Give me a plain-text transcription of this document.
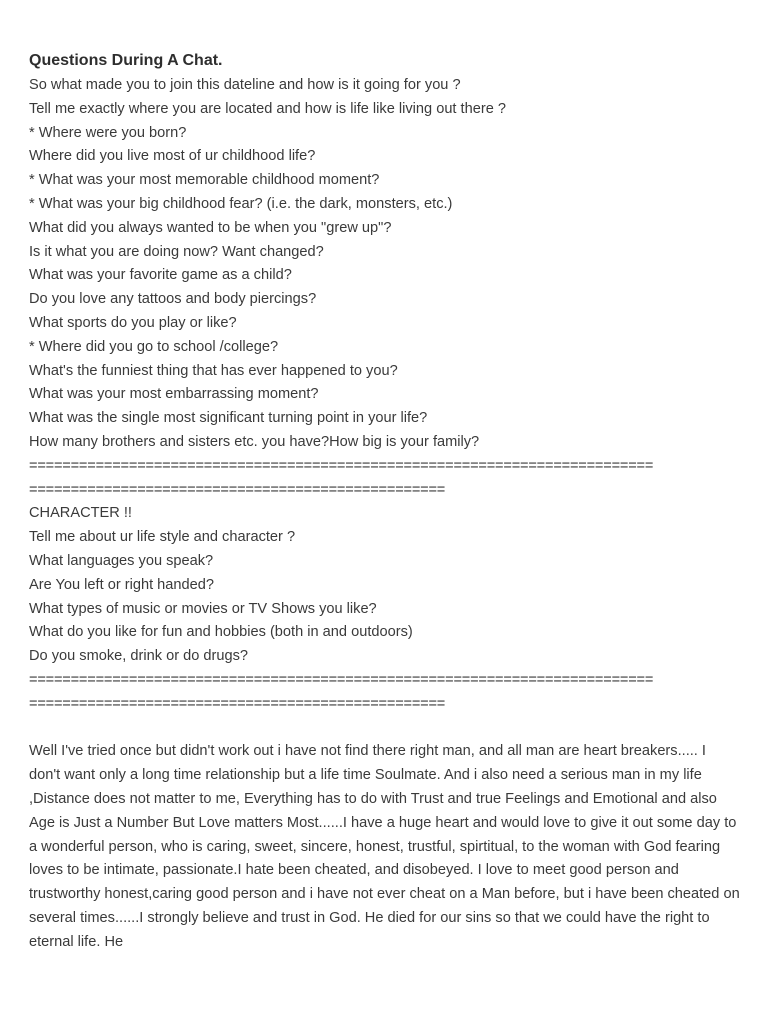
Questions During A Chat.
So what made you to join this dateline and how is it going for you ?
Tell me exactly where you are located and how is life like living out there ?
* Where were you born?
Where did you live most of ur childhood life?
* What was your most memorable childhood moment?
* What was your big childhood fear? (i.e. the dark, monsters, etc.)
What did you always wanted to be when you "grew up"?
Is it what you are doing now? Want changed?
What was your favorite game as a child?
Do you love any tattoos and body piercings?
What sports do you play or like?
* Where did you go to school /college?
What's the funniest thing that has ever happened to you?
What was your most embarrassing moment?
What was the single most significant turning point in your life?
How many brothers and sisters etc. you have?How big is your family?
===========================================================================
==================================================
CHARACTER !!
Tell me about ur life style and character ?
What languages you speak?
Are You left or right handed?
What types of music or movies or TV Shows you like?
What do you like for fun and hobbies (both in and outdoors)
Do you smoke, drink or do drugs?
===========================================================================
==================================================

Well I've tried once but didn't work out i have not find there right man, and all man are heart breakers..... I don't want only a long time relationship but a life time Soulmate. And i also need a serious man in my life ,Distance does not matter to me, Everything has to do with Trust and true Feelings and Emotional and also Age is Just a Number But Love matters Most......I have a huge heart and would love to give it out some day to a wonderful person, who is caring, sweet, sincere, honest, trustful, spirtitual, to the woman with God fearing loves to be intimate, passionate.I hate been cheated, and disobeyed. I love to meet good person and trustworthy honest,caring good person and i have not ever cheat on a Man before, but i have been cheated on several times......I strongly believe and trust in God. He died for our sins so that we could have the right to eternal life. He
